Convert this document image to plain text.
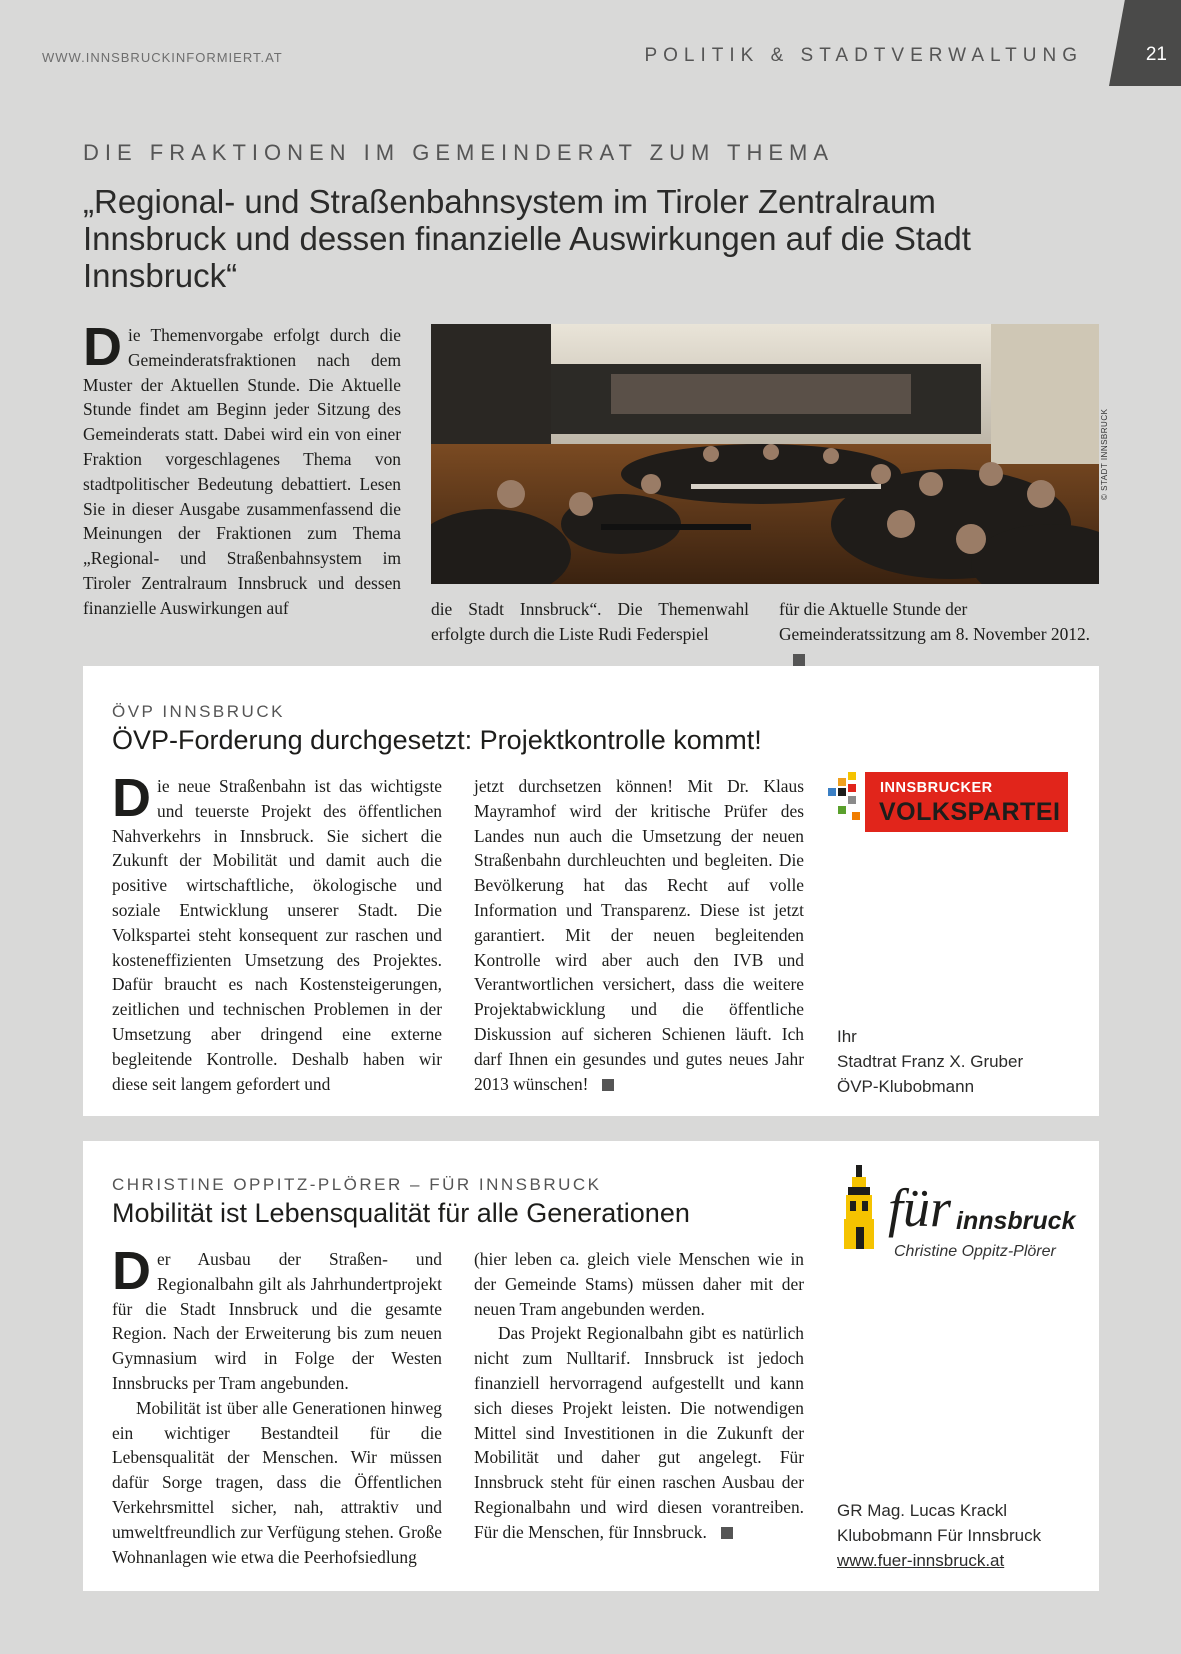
WWW.INNSBRUCKINFORMIERT.AT	POLITIK & STADTVERWALTUNG	21
DIE FRAKTIONEN IM GEMEINDERAT ZUM THEMA
„Regional- und Straßenbahnsystem im Tiroler Zentralraum Innsbruck und dessen finanzielle Auswirkungen auf die Stadt Innsbruck“
Die Themenvorgabe erfolgt durch die Gemeinderatsfraktionen nach dem Muster der Aktuellen Stunde. Die Aktuelle Stunde findet am Beginn jeder Sitzung des Gemeinderats statt. Dabei wird ein von einer Fraktion vorgeschlagenes Thema von stadtpolitischer Bedeutung debattiert. Lesen Sie in dieser Ausgabe zusammenfassend die Meinungen der Fraktionen zum Thema „Regional- und Straßenbahnsystem im Tiroler Zentralraum Innsbruck und dessen finanzielle Auswirkungen auf
© STADT INNSBRUCK
die Stadt Innsbruck“. Die Themenwahl erfolgte durch die Liste Rudi Federspiel
für die Aktuelle Stunde der Gemeinderatssitzung am 8. November 2012.
ÖVP INNSBRUCK
ÖVP-Forderung durchgesetzt: Projektkontrolle kommt!
Die neue Straßenbahn ist das wichtigste und teuerste Projekt des öffentlichen Nahverkehrs in Innsbruck. Sie sichert die Zukunft der Mobilität und damit auch die positive wirtschaftliche, ökologische und soziale Entwicklung unserer Stadt. Die Volkspartei steht konsequent zur raschen und kosteneffizienten Umsetzung des Projektes. Dafür braucht es nach Kostensteigerungen, zeitlichen und technischen Problemen in der Umsetzung aber dringend eine externe begleitende Kontrolle. Deshalb haben wir diese seit langem gefordert und
jetzt durchsetzen können! Mit Dr. Klaus Mayramhof wird der kritische Prüfer des Landes nun auch die Umsetzung der neuen Straßenbahn durchleuchten und begleiten. Die Bevölkerung hat das Recht auf volle Information und Transparenz. Diese ist jetzt garantiert. Mit der neuen begleitenden Kontrolle wird aber auch den IVB und Verantwortlichen versichert, dass die weitere Projektabwicklung und die öffentliche Diskussion auf sicheren Schienen läuft. Ich darf Ihnen ein gesundes und gutes neues Jahr 2013 wünschen!
INNSBRUCKER
VOLKSPARTEI
Ihr
Stadtrat Franz X. Gruber
ÖVP-Klubobmann
CHRISTINE OPPITZ-PLÖRER – FÜR INNSBRUCK
Mobilität ist Lebensqualität für alle Generationen

Der Ausbau der Straßen- und Regionalbahn gilt als Jahrhundertprojekt für die Stadt Innsbruck und die gesamte Region. Nach der Erweiterung bis zum neuen Gymnasium wird in Folge der Westen Innsbrucks per Tram angebunden.

Mobilität ist über alle Generationen hinweg ein wichtiger Bestandteil für die Lebensqualität der Menschen. Wir müssen dafür Sorge tragen, dass die Öffentlichen Verkehrsmittel sicher, nah, attraktiv und umweltfreundlich zur Verfügung stehen. Große Wohnanlagen wie etwa die Peerhofsiedlung

(hier leben ca. gleich viele Menschen wie in der Gemeinde Stams) müssen daher mit der neuen Tram angebunden werden.

Das Projekt Regionalbahn gibt es natürlich nicht zum Nulltarif. Innsbruck ist jedoch finanziell hervorragend aufgestellt und kann sich dieses Projekt leisten. Die notwendigen Mittel sind Investitionen in die Zukunft der Mobilität und daher gut angelegt. Für Innsbruck steht für einen raschen Ausbau der Regionalbahn und wird diesen vorantreiben. Für die Menschen, für Innsbruck.

für innsbruck
Christine Oppitz-Plörer
GR Mag. Lucas Krackl
Klubobmann Für Innsbruck
www.fuer-innsbruck.at
